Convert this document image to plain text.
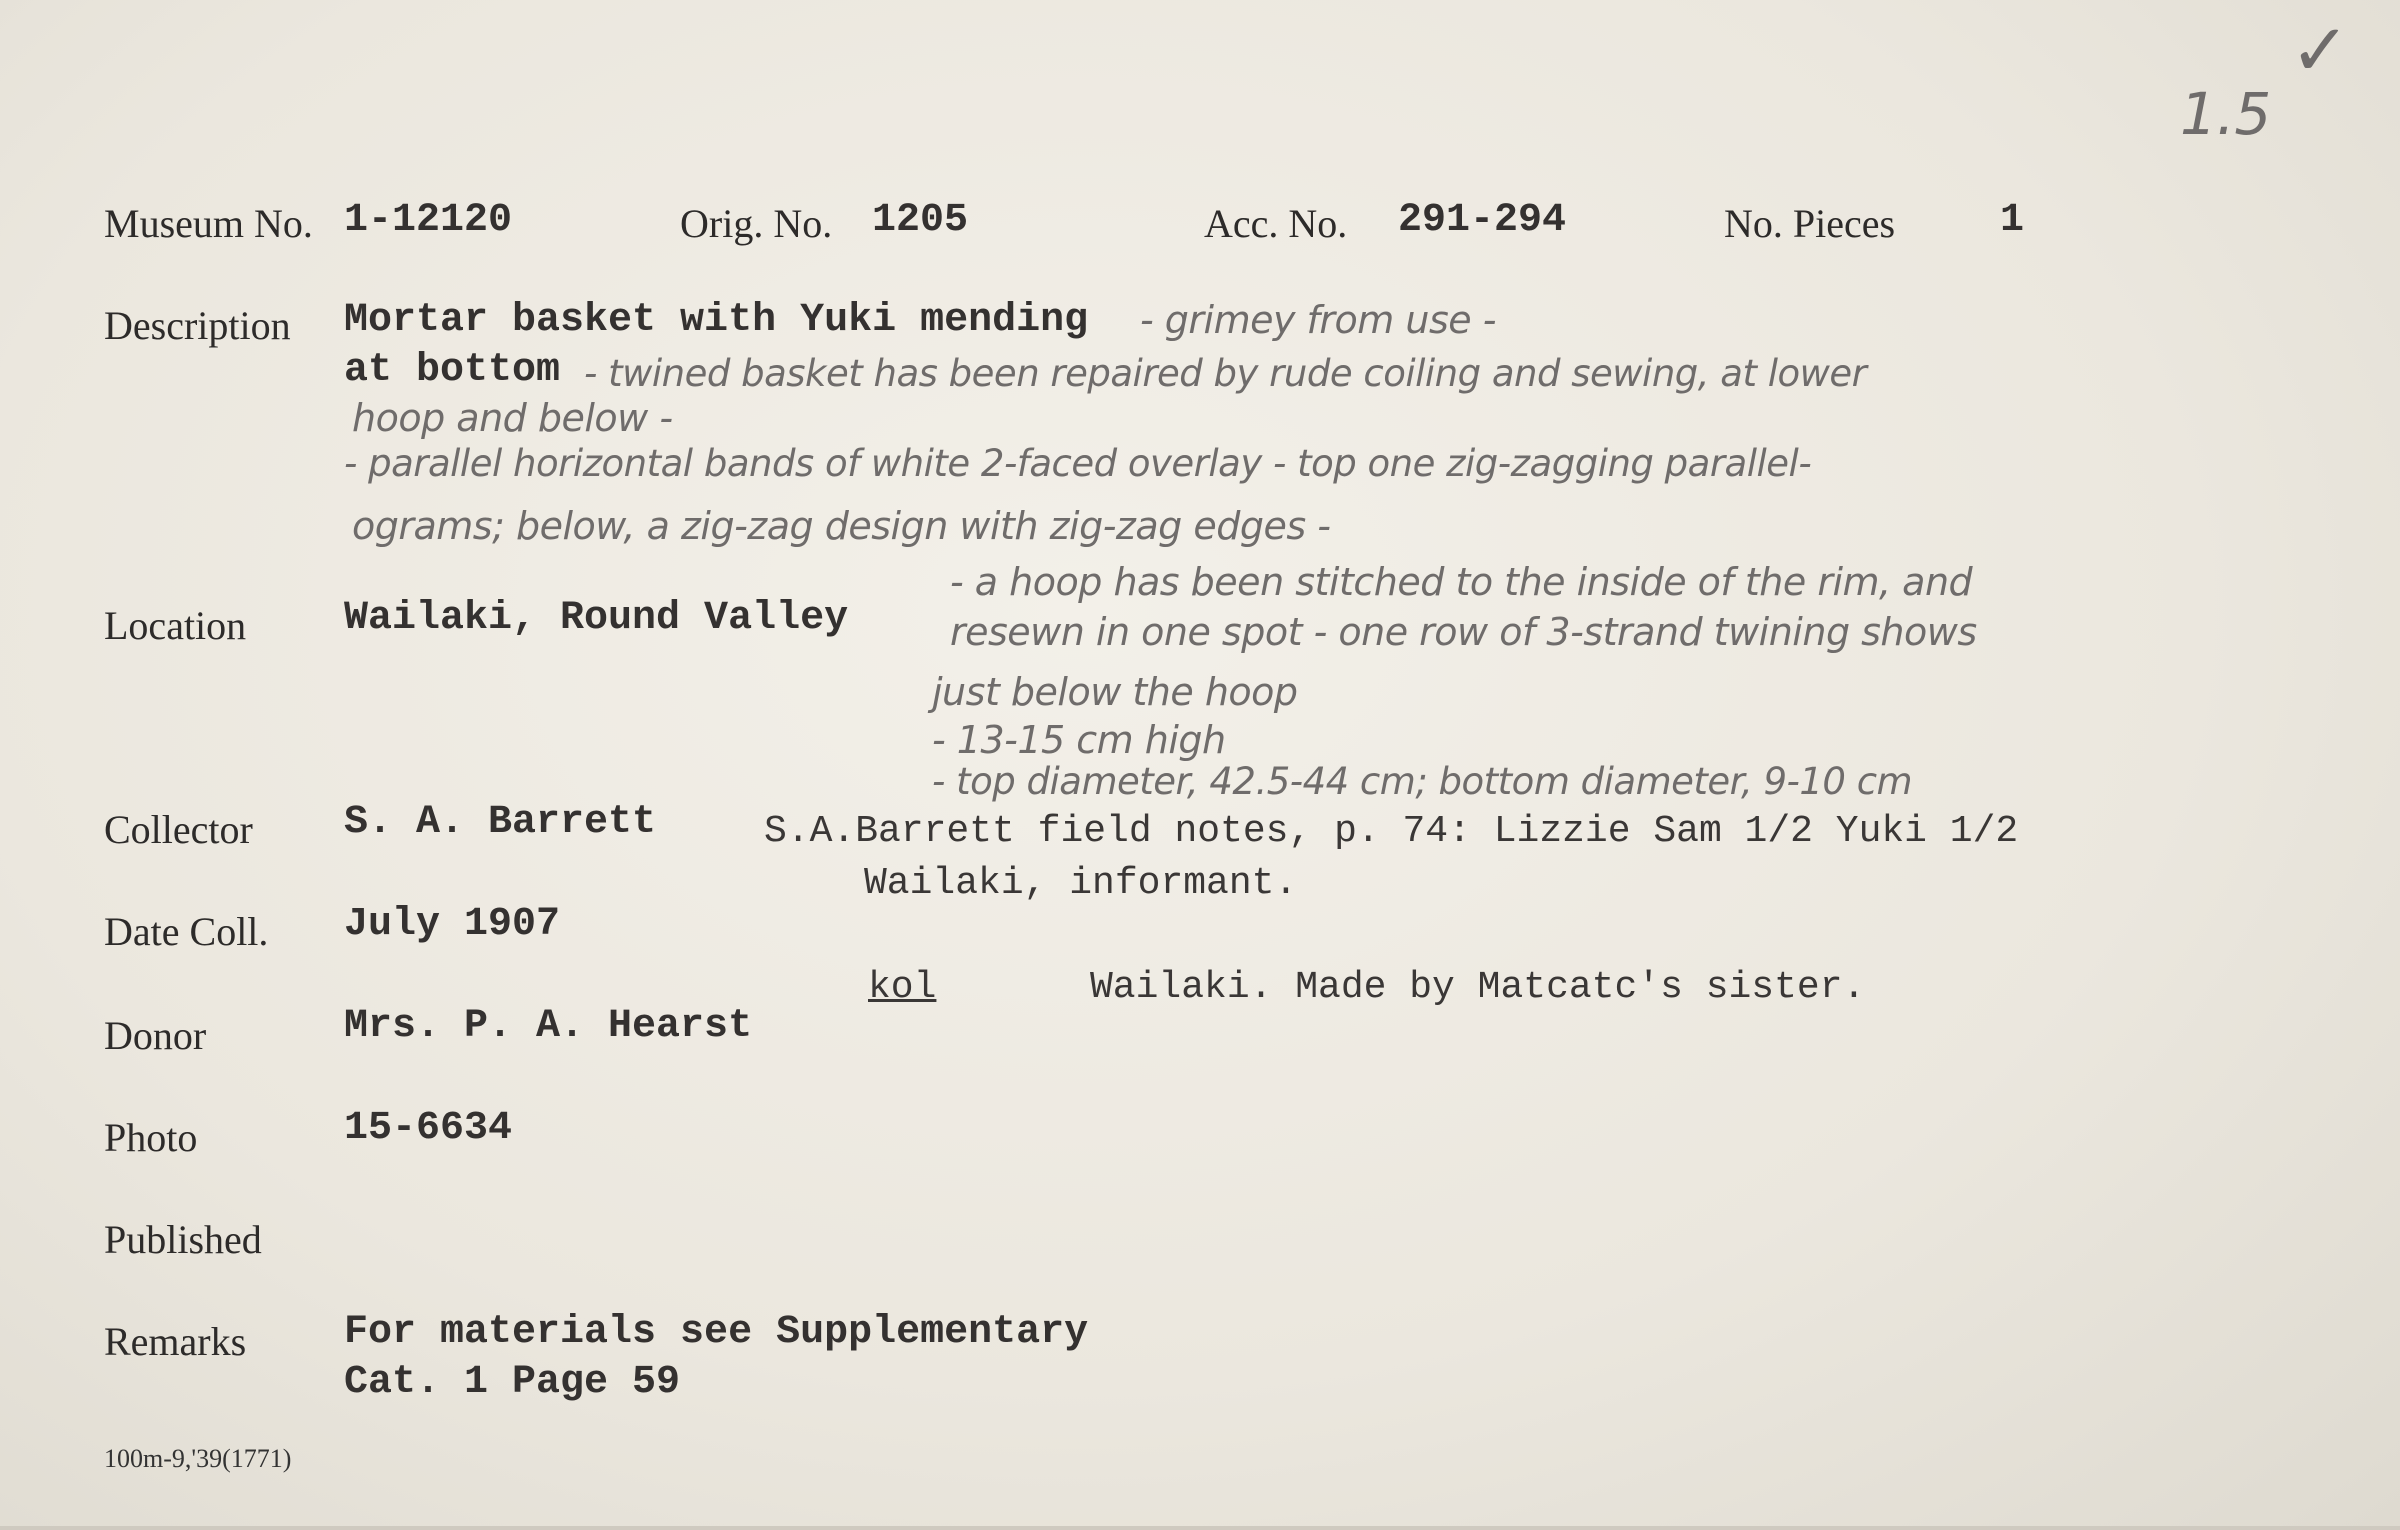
1.5
✓
Museum No. 1-12120	Orig. No. 1205	Acc. No. 291-294	No. Pieces	1
Description Mortar basket with Yuki mending
at bottom
- grimey from use -
- twined basket has been repaired by rude coiling and sewing, at lower
hoop and below -
- parallel horizontal bands of white 2-faced overlay - top one zig-zagging parallel-
ograms; below, a zig-zag design with zig-zag edges -
- a hoop has been stitched to the inside of the rim, and
resewn in one spot - one row of 3-strand twining shows
just below the hoop
- 13-15 cm high
- top diameter, 42.5-44 cm; bottom diameter, 9-10 cm
Location Wailaki, Round Valley
Collector S. A. Barrett	S.A.Barrett field notes, p. 74: Lizzie Sam 1/2 Yuki 1/2
Wailaki, informant.
kol	Wailaki. Made by Matcatc's sister.
Date Coll. July 1907
Donor	Mrs. P. A. Hearst
Photo	15-6634
Published
Remarks For materials see Supplementary
Cat. 1 Page 59
100m-9,'39(1771)
